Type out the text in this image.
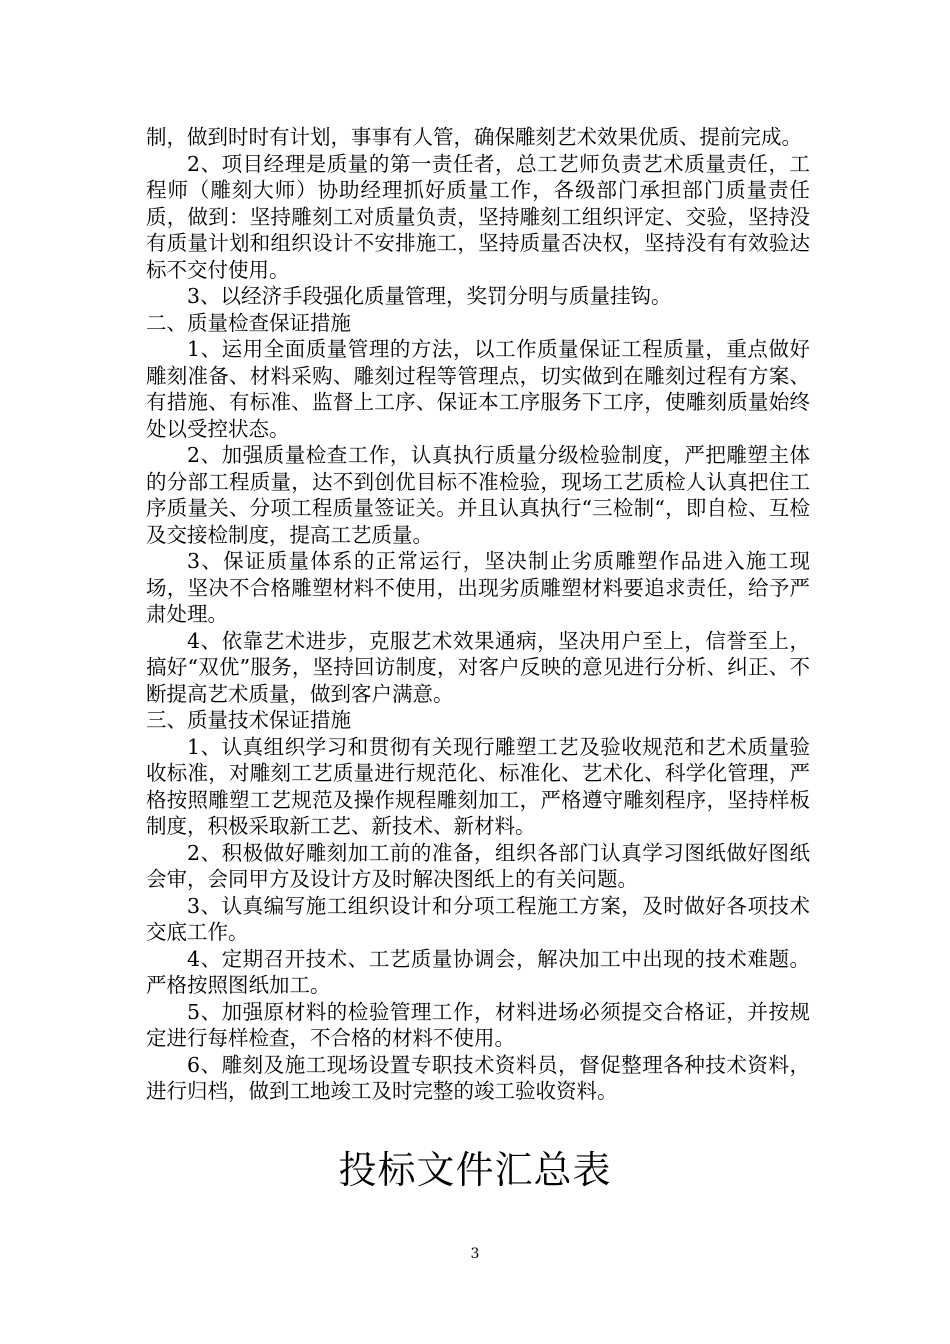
制，做到时时有计划，事事有人管，确保雕刻艺术效果优质、提前完成。

2、项目经理是质量的第一责任者，总工艺师负责艺术质量责任，工程师（雕刻大师）协助经理抓好质量工作，各级部门承担部门质量责任质，做到：坚持雕刻工对质量负责，坚持雕刻工组织评定、交验，坚持没有质量计划和组织设计不安排施工，坚持质量否决权，坚持没有有效验达标不交付使用。

3、以经济手段强化质量管理，奖罚分明与质量挂钩。

二、质量检查保证措施

1、运用全面质量管理的方法，以工作质量保证工程质量，重点做好雕刻准备、材料采购、雕刻过程等管理点，切实做到在雕刻过程有方案、有措施、有标准、监督上工序、保证本工序服务下工序，使雕刻质量始终处以受控状态。

2、加强质量检查工作，认真执行质量分级检验制度，严把雕塑主体的分部工程质量，达不到创优目标不准检验，现场工艺质检人认真把住工序质量关、分项工程质量签证关。并且认真执行“三检制“，即自检、互检及交接检制度，提高工艺质量。

3、保证质量体系的正常运行，坚决制止劣质雕塑作品进入施工现场，坚决不合格雕塑材料不使用，出现劣质雕塑材料要追求责任，给予严肃处理。

4、依靠艺术进步，克服艺术效果通病，坚决用户至上，信誉至上，搞好“双优”服务，坚持回访制度，对客户反映的意见进行分析、纠正、不断提高艺术质量，做到客户满意。

三、质量技术保证措施

1、认真组织学习和贯彻有关现行雕塑工艺及验收规范和艺术质量验收标准，对雕刻工艺质量进行规范化、标准化、艺术化、科学化管理，严格按照雕塑工艺规范及操作规程雕刻加工，严格遵守雕刻程序，坚持样板制度，积极采取新工艺、新技术、新材料。

2、积极做好雕刻加工前的准备，组织各部门认真学习图纸做好图纸会审，会同甲方及设计方及时解决图纸上的有关问题。

3、认真编写施工组织设计和分项工程施工方案，及时做好各项技术交底工作。

4、定期召开技术、工艺质量协调会，解决加工中出现的技术难题。严格按照图纸加工。

5、加强原材料的检验管理工作，材料进场必须提交合格证，并按规定进行每样检查，不合格的材料不使用。

6、雕刻及施工现场设置专职技术资料员，督促整理各种技术资料，进行归档，做到工地竣工及时完整的竣工验收资料。

投标文件汇总表
3
